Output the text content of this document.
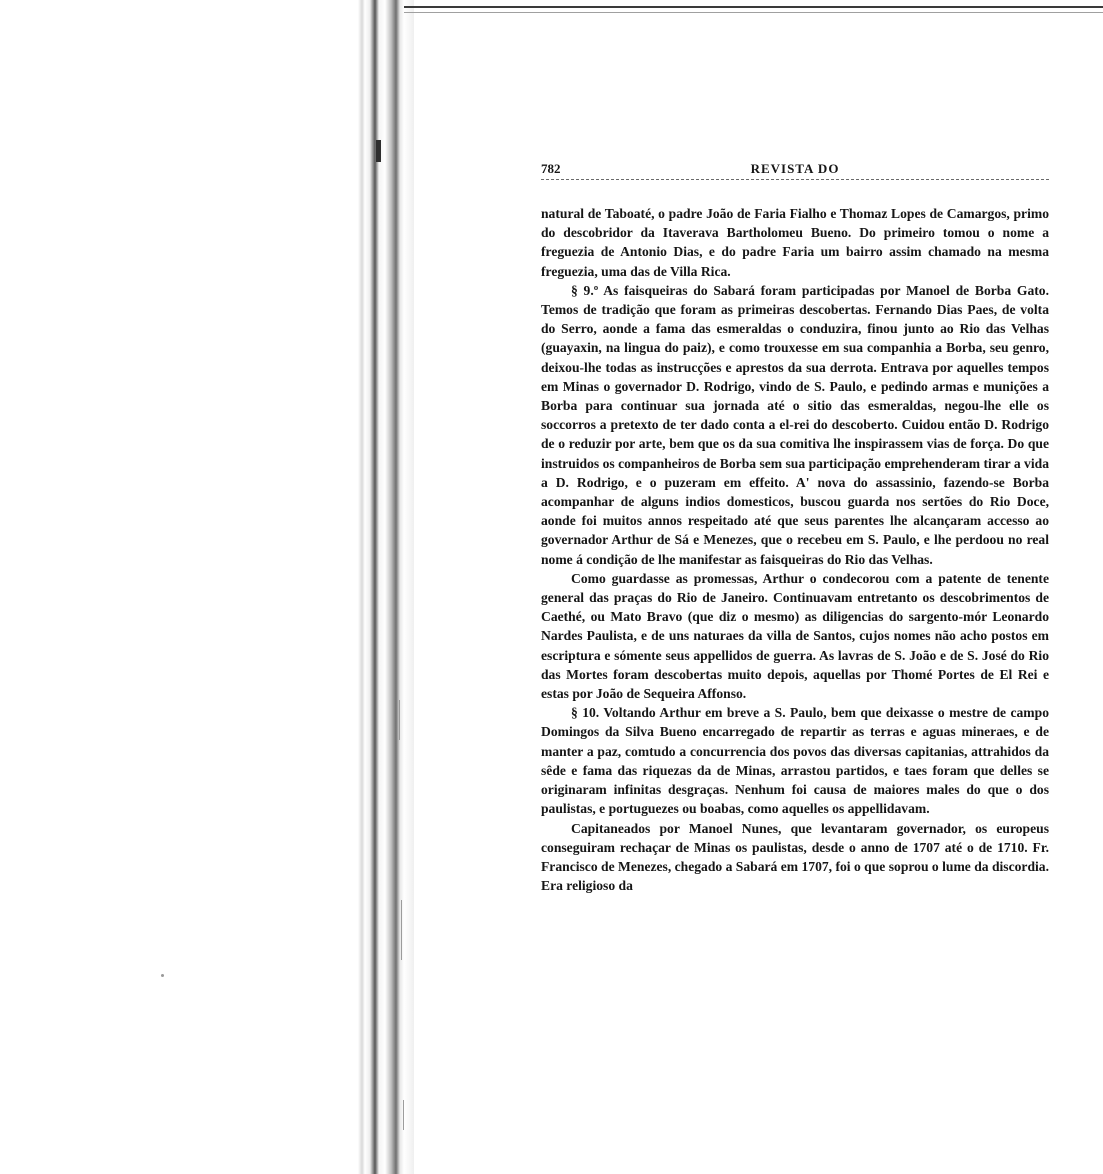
782	REVISTA DO

natural de Taboaté, o padre João de Faria Fialho e Thomaz Lopes de Camargos, primo do descobridor da Itaverava Bartholomeu Bueno. Do primeiro tomou o nome a freguezia de Antonio Dias, e do padre Faria um bairro assim chamado na mesma freguezia, uma das de Villa Rica.

§ 9.º As faisqueiras do Sabará foram participadas por Manoel de Borba Gato. Temos de tradição que foram as primeiras descobertas. Fernando Dias Paes, de volta do Serro, aonde a fama das esmeraldas o conduzira, finou junto ao Rio das Velhas (guayaxin, na lingua do paiz), e como trouxesse em sua companhia a Borba, seu genro, deixou-lhe todas as instrucções e aprestos da sua derrota. Entrava por aquelles tempos em Minas o governador D. Rodrigo, vindo de S. Paulo, e pedindo armas e munições a Borba para continuar sua jornada até o sitio das esmeraldas, negou-lhe elle os soccorros a pretexto de ter dado conta a el-rei do descoberto. Cuidou então D. Rodrigo de o reduzir por arte, bem que os da sua comitiva lhe inspirassem vias de força. Do que instruidos os companheiros de Borba sem sua participação emprehenderam tirar a vida a D. Rodrigo, e o puzeram em effeito. A' nova do assassinio, fazendo-se Borba acompanhar de alguns indios domesticos, buscou guarda nos sertões do Rio Doce, aonde foi muitos annos respeitado até que seus parentes lhe alcançaram accesso ao governador Arthur de Sá e Menezes, que o recebeu em S. Paulo, e lhe perdoou no real nome á condição de lhe manifestar as faisqueiras do Rio das Velhas.

Como guardasse as promessas, Arthur o condecorou com a patente de tenente general das praças do Rio de Janeiro. Continuavam entretanto os descobrimentos de Caethé, ou Mato Bravo (que diz o mesmo) as diligencias do sargento-mór Leonardo Nardes Paulista, e de uns naturaes da villa de Santos, cujos nomes não acho postos em escriptura e sómente seus appellidos de guerra. As lavras de S. João e de S. José do Rio das Mortes foram descobertas muito depois, aquellas por Thomé Portes de El Rei e estas por João de Sequeira Affonso.

§ 10. Voltando Arthur em breve a S. Paulo, bem que deixasse o mestre de campo Domingos da Silva Bueno encarregado de repartir as terras e aguas mineraes, e de manter a paz, comtudo a concurrencia dos povos das diversas capitanias, attrahidos da sêde e fama das riquezas da de Minas, arrastou partidos, e taes foram que delles se originaram infinitas desgraças. Nenhum foi causa de maiores males do que o dos paulistas, e portuguezes ou boabas, como aquelles os appellidavam.

Capitaneados por Manoel Nunes, que levantaram governador, os europeus conseguiram rechaçar de Minas os paulistas, desde o anno de 1707 até o de 1710. Fr. Francisco de Menezes, chegado a Sabará em 1707, foi o que soprou o lume da discordia. Era religioso da
